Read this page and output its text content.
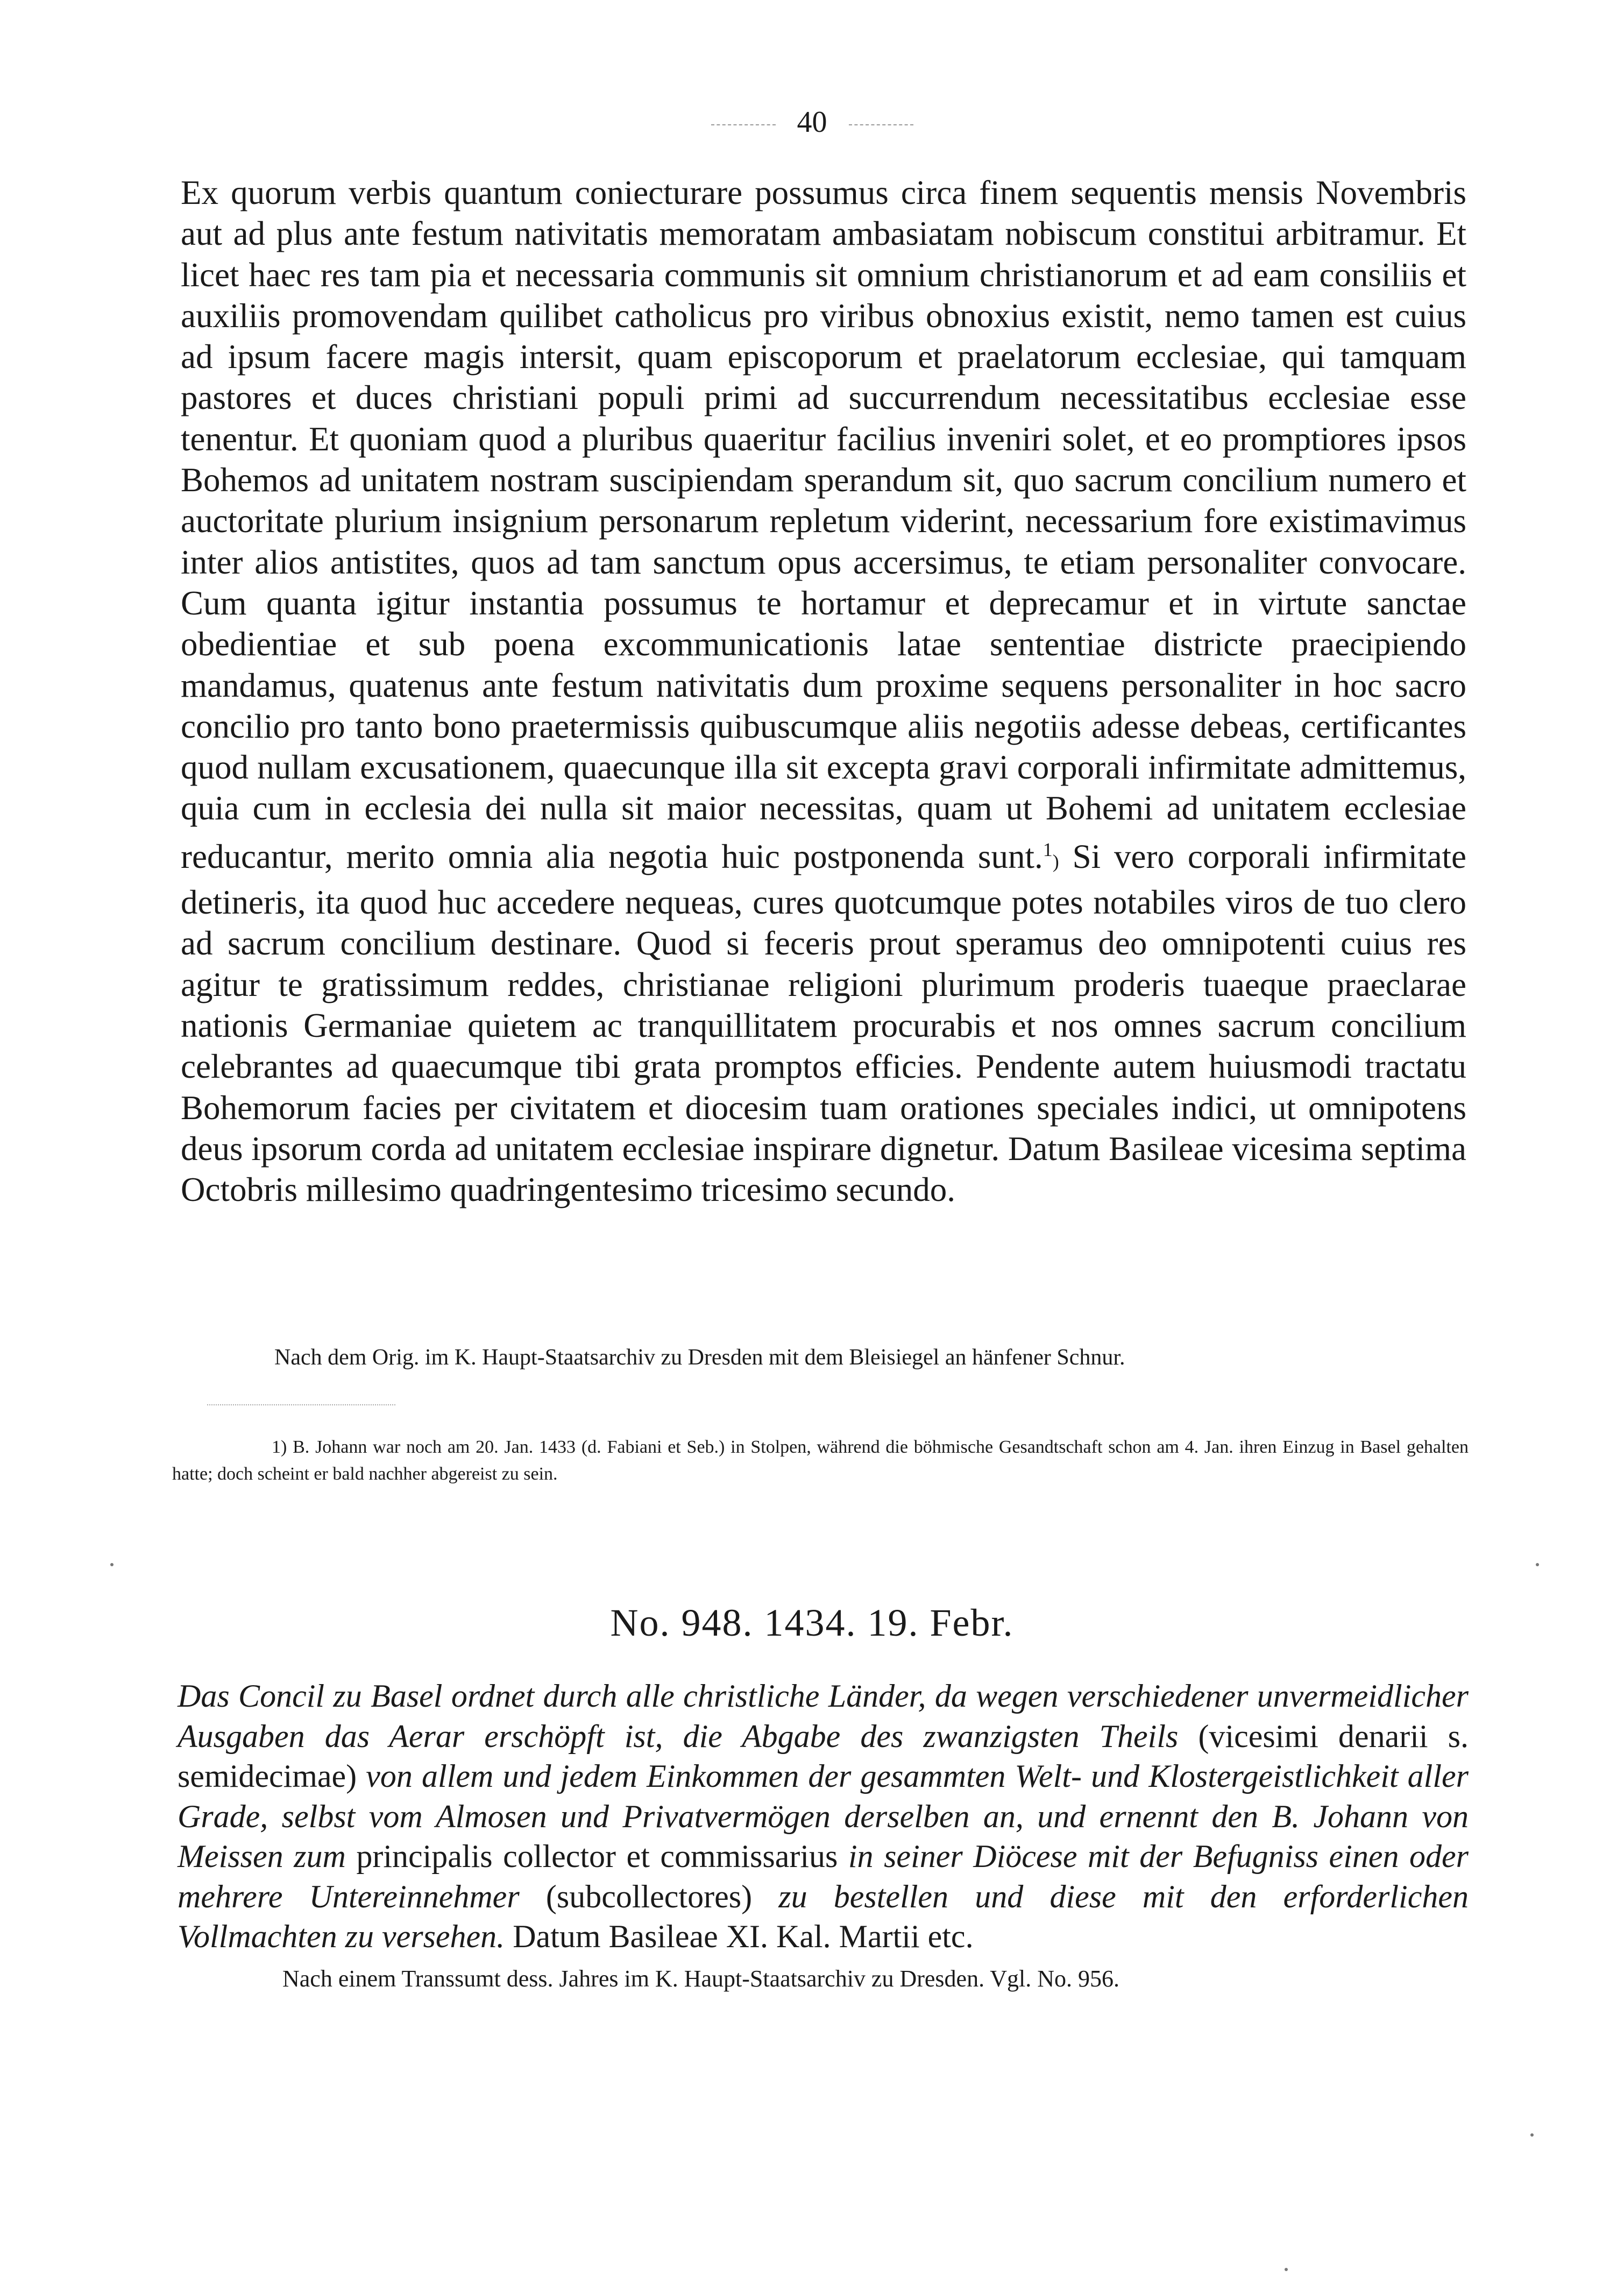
40

Ex quorum verbis quantum coniecturare possumus circa finem sequentis mensis Novembris aut ad plus ante festum nativitatis memoratam ambasiatam nobiscum constitui arbitramur. Et licet haec res tam pia et necessaria communis sit omnium christianorum et ad eam consiliis et auxiliis promovendam quilibet catholicus pro viribus obnoxius existit, nemo tamen est cuius ad ipsum facere magis intersit, quam episcoporum et praelatorum ecclesiae, qui tamquam pastores et duces christiani populi primi ad succurrendum necessitatibus ecclesiae esse tenentur. Et quoniam quod a pluribus quaeritur facilius inveniri solet, et eo promptiores ipsos Bohemos ad unitatem nostram suscipiendam sperandum sit, quo sacrum concilium numero et auctoritate plurium insignium personarum repletum viderint, necessarium fore existimavimus inter alios antistites, quos ad tam sanctum opus accersimus, te etiam personaliter convocare. Cum quanta igitur instantia possumus te hortamur et deprecamur et in virtute sanctae obedientiae et sub poena excommunicationis latae sententiae districte praecipiendo mandamus, quatenus ante festum nativitatis dum proxime sequens personaliter in hoc sacro concilio pro tanto bono praetermissis quibuscumque aliis negotiis adesse debeas, certificantes quod nullam excusationem, quaecunque illa sit excepta gravi corporali infirmitate admittemus, quia cum in ecclesia dei nulla sit maior necessitas, quam ut Bohemi ad unitatem ecclesiae reducantur, merito omnia alia negotia huic postponenda sunt.$^1$) Si vero corporali infirmitate detineris, ita quod huc accedere nequeas, cures quotcumque potes notabiles viros de tuo clero ad sacrum concilium destinare. Quod si feceris prout speramus deo omnipotenti cuius res agitur te gratissimum reddes, christianae religioni plurimum proderis tuaeque praeclarae nationis Germaniae quietem ac tranquillitatem procurabis et nos omnes sacrum concilium celebrantes ad quaecumque tibi grata promptos efficies. Pendente autem huiusmodi tractatu Bohemorum facies per civitatem et diocesim tuam orationes speciales indici, ut omnipotens deus ipsorum corda ad unitatem ecclesiae inspirare dignetur. Datum Basileae vicesima septima Octobris millesimo quadringentesimo tricesimo secundo.

Nach dem Orig. im K. Haupt-Staatsarchiv zu Dresden mit dem Bleisiegel an hänfener Schnur.
1) B. Johann war noch am 20. Jan. 1433 (d. Fabiani et Seb.) in Stolpen, während die böhmische Gesandtschaft schon am 4. Jan. ihren Einzug in Basel gehalten hatte; doch scheint er bald nachher abgereist zu sein.
No. 948. 1434. 19. Febr.

Das Concil zu Basel ordnet durch alle christliche Länder, da wegen verschiedener unvermeidlicher Ausgaben das Aerar erschöpft ist, die Abgabe des zwanzigsten Theils (vicesimi denarii s. semidecimae) von allem und jedem Einkommen der gesammten Welt- und Klostergeistlichkeit aller Grade, selbst vom Almosen und Privatvermögen derselben an, und ernennt den B. Johann von Meissen zum principalis collector et commissarius in seiner Diöcese mit der Befugniss einen oder mehrere Untereinnehmer (subcollectores) zu bestellen und diese mit den erforderlichen Vollmachten zu versehen. Datum Basileae XI. Kal. Martii etc.

Nach einem Transsumt dess. Jahres im K. Haupt-Staatsarchiv zu Dresden. Vgl. No. 956.
